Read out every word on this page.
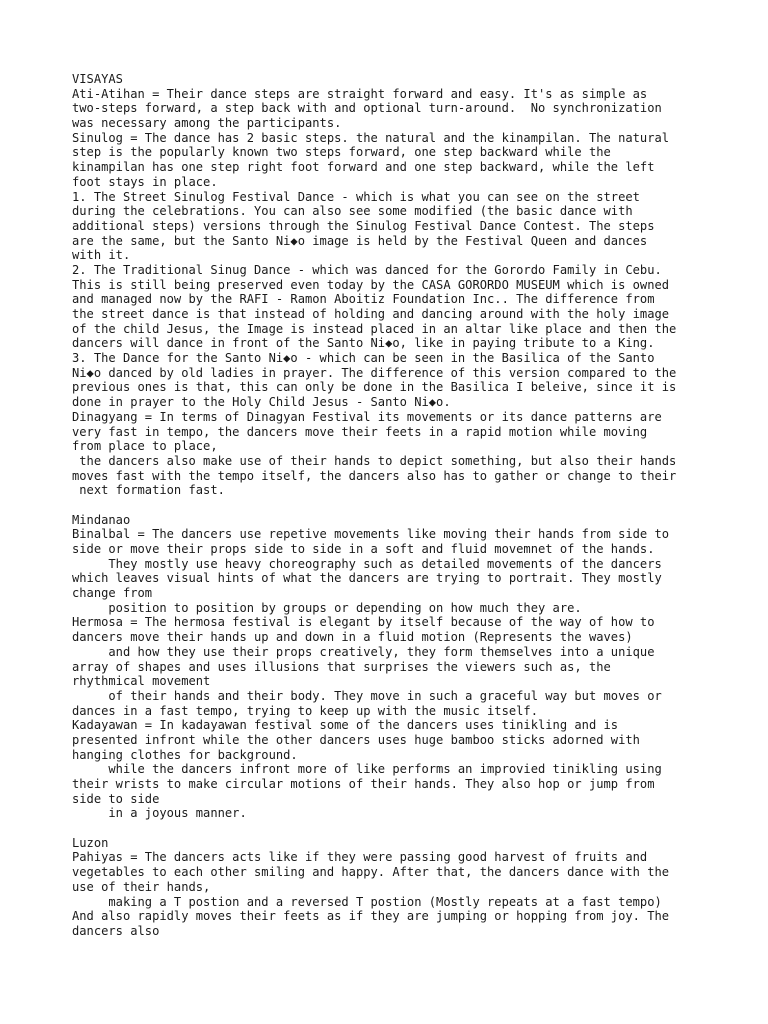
VISAYAS
Ati-Atihan = Their dance steps are straight forward and easy. It's as simple as
two-steps forward, a step back with and optional turn-around.  No synchronization
was necessary among the participants.
Sinulog = The dance has 2 basic steps. the natural and the kinampilan. The natural
step is the popularly known two steps forward, one step backward while the
kinampilan has one step right foot forward and one step backward, while the left
foot stays in place.
1. The Street Sinulog Festival Dance - which is what you can see on the street
during the celebrations. You can also see some modified (the basic dance with
additional steps) versions through the Sinulog Festival Dance Contest. The steps
are the same, but the Santo Ni◆o image is held by the Festival Queen and dances
with it.
2. The Traditional Sinug Dance - which was danced for the Gorordo Family in Cebu.
This is still being preserved even today by the CASA GORORDO MUSEUM which is owned
and managed now by the RAFI - Ramon Aboitiz Foundation Inc.. The difference from
the street dance is that instead of holding and dancing around with the holy image
of the child Jesus, the Image is instead placed in an altar like place and then the
dancers will dance in front of the Santo Ni◆o, like in paying tribute to a King.
3. The Dance for the Santo Ni◆o - which can be seen in the Basilica of the Santo
Ni◆o danced by old ladies in prayer. The difference of this version compared to the
previous ones is that, this can only be done in the Basilica I beleive, since it is
done in prayer to the Holy Child Jesus - Santo Ni◆o.
Dinagyang = In terms of Dinagyan Festival its movements or its dance patterns are
very fast in tempo, the dancers move their feets in a rapid motion while moving
from place to place,
the dancers also make use of their hands to depict something, but also their hands
moves fast with the tempo itself, the dancers also has to gather or change to their
next formation fast.
Mindanao
Binalbal = The dancers use repetive movements like moving their hands from side to
side or move their props side to side in a soft and fluid movemnet of the hands.
They mostly use heavy choreography such as detailed movements of the dancers
which leaves visual hints of what the dancers are trying to portrait. They mostly
change from
position to position by groups or depending on how much they are.
Hermosa = The hermosa festival is elegant by itself because of the way of how to
dancers move their hands up and down in a fluid motion (Represents the waves)
and how they use their props creatively, they form themselves into a unique
array of shapes and uses illusions that surprises the viewers such as, the
rhythmical movement
of their hands and their body. They move in such a graceful way but moves or
dances in a fast tempo, trying to keep up with the music itself.
Kadayawan = In kadayawan festival some of the dancers uses tinikling and is
presented infront while the other dancers uses huge bamboo sticks adorned with
hanging clothes for background.
while the dancers infront more of like performs an improvied tinikling using
their wrists to make circular motions of their hands. They also hop or jump from
side to side
in a joyous manner.
Luzon
Pahiyas = The dancers acts like if they were passing good harvest of fruits and
vegetables to each other smiling and happy. After that, the dancers dance with the
use of their hands,
making a T postion and a reversed T postion (Mostly repeats at a fast tempo)
And also rapidly moves their feets as if they are jumping or hopping from joy. The
dancers also
